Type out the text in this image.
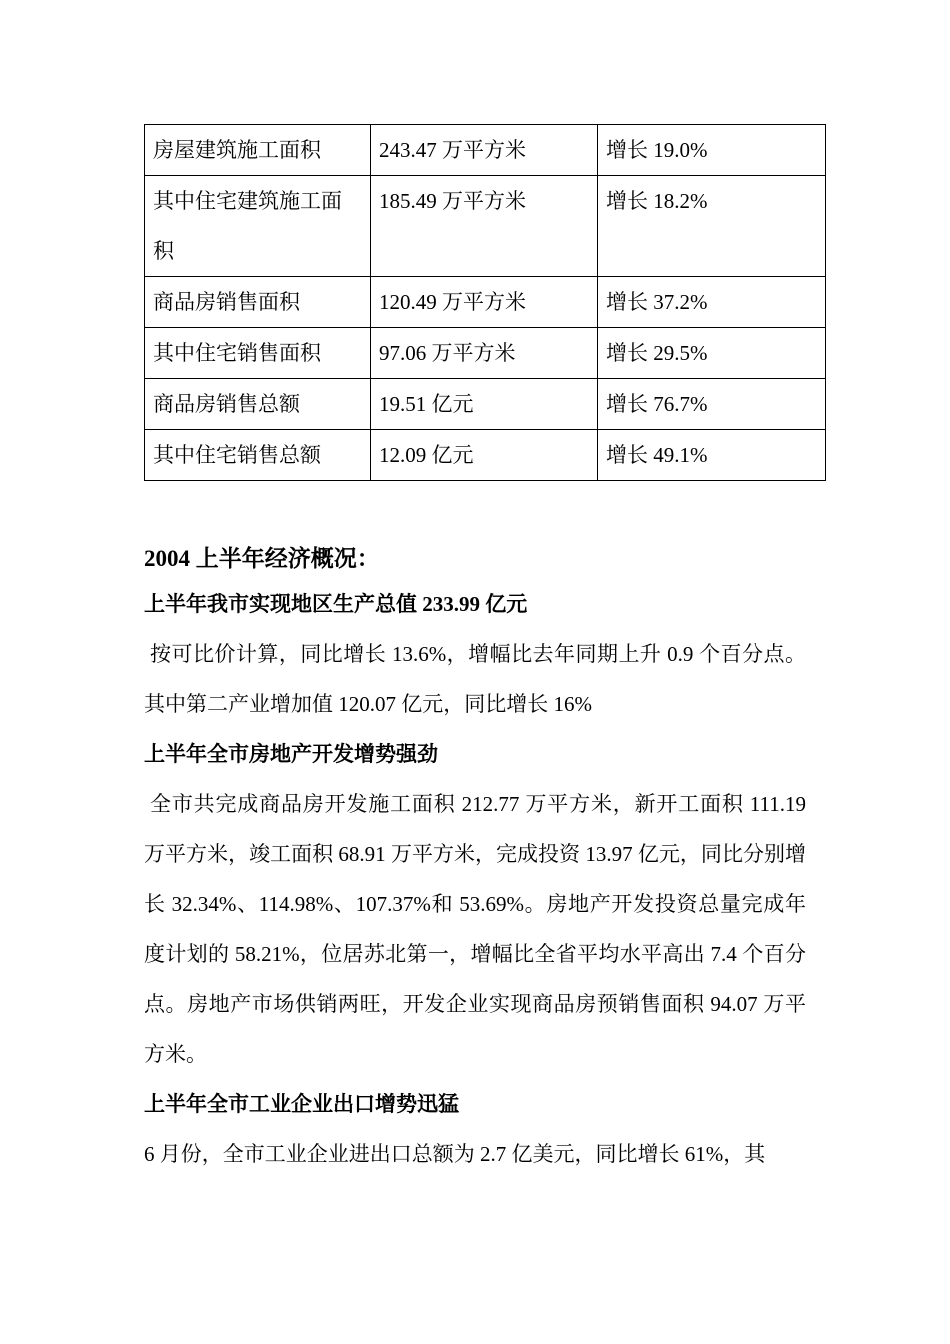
房屋建筑施工面积	243.47 万平方米	增长 19.0%
其中住宅建筑施工面积	185.49 万平方米	增长 18.2%
商品房销售面积	120.49 万平方米	增长 37.2%
其中住宅销售面积	97.06 万平方米	增长 29.5%
商品房销售总额	19.51 亿元	增长 76.7%
其中住宅销售总额	12.09 亿元	增长 49.1%
2004 上半年经济概况：
上半年我市实现地区生产总值 233.99 亿元

按可比价计算，同比增长 13.6%，增幅比去年同期上升 0.9 个百分点。其中第二产业增加值 120.07 亿元，同比增长 16%

上半年全市房地产开发增势强劲

全市共完成商品房开发施工面积 212.77 万平方米，新开工面积 111.19 万平方米，竣工面积 68.91 万平方米，完成投资 13.97 亿元，同比分别增长 32.34%、114.98%、107.37%和 53.69%。房地产开发投资总量完成年度计划的 58.21%，位居苏北第一，增幅比全省平均水平高出 7.4 个百分点。房地产市场供销两旺，开发企业实现商品房预销售面积 94.07 万平方米。

上半年全市工业企业出口增势迅猛

6 月份，全市工业企业进出口总额为 2.7 亿美元，同比增长 61%，其
